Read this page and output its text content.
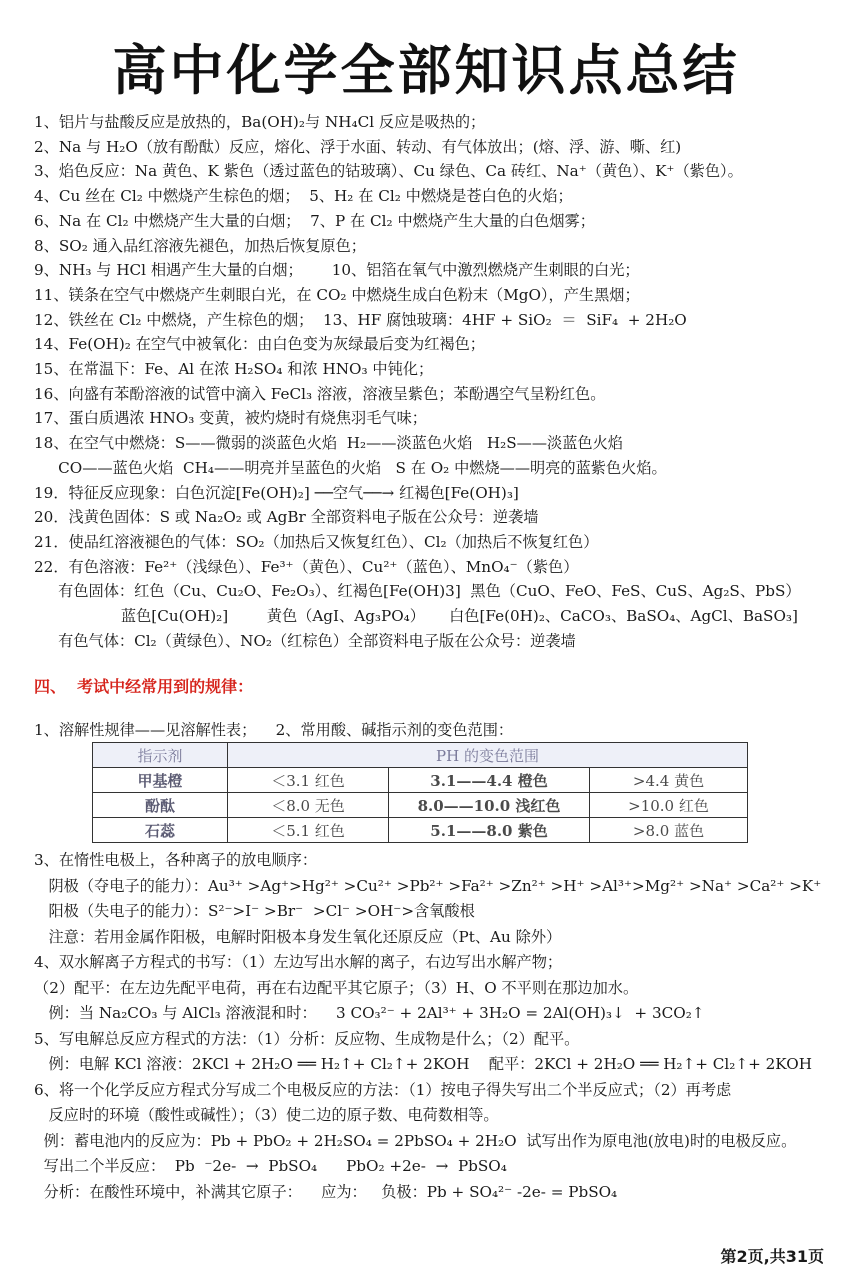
高中化学全部知识点总结
1、铝片与盐酸反应是放热的，Ba(OH)₂与 NH₄Cl 反应是吸热的；
2、Na 与 H₂O（放有酚酞）反应，熔化、浮于水面、转动、有气体放出；(熔、浮、游、嘶、红)
3、焰色反应：Na 黄色、K 紫色（透过蓝色的钴玻璃）、Cu 绿色、Ca 砖红、Na⁺（黄色）、K⁺（紫色）。
4、Cu 丝在 Cl₂ 中燃烧产生棕色的烟；  5、H₂ 在 Cl₂ 中燃烧是苍白色的火焰；
6、Na 在 Cl₂ 中燃烧产生大量的白烟；  7、P 在 Cl₂ 中燃烧产生大量的白色烟雾；
8、SO₂ 通入品红溶液先褪色，加热后恢复原色；
9、NH₃ 与 HCl 相遇产生大量的白烟；      10、铝箔在氧气中激烈燃烧产生刺眼的白光；
11、镁条在空气中燃烧产生刺眼白光，在 CO₂ 中燃烧生成白色粉末（MgO），产生黑烟；
12、铁丝在 Cl₂ 中燃烧，产生棕色的烟；  13、HF 腐蚀玻璃：4HF + SiO₂  ＝  SiF₄  + 2H₂O
14、Fe(OH)₂ 在空气中被氧化：由白色变为灰绿最后变为红褐色；
15、在常温下：Fe、Al 在浓 H₂SO₄ 和浓 HNO₃ 中钝化；
16、向盛有苯酚溶液的试管中滴入 FeCl₃ 溶液，溶液呈紫色；苯酚遇空气呈粉红色。
17、蛋白质遇浓 HNO₃ 变黄，被灼烧时有烧焦羽毛气味；
18、在空气中燃烧：S——微弱的淡蓝色火焰  H₂——淡蓝色火焰   H₂S——淡蓝色火焰
CO——蓝色火焰  CH₄——明亮并呈蓝色的火焰   S 在 O₂ 中燃烧——明亮的蓝紫色火焰。
19．特征反应现象：白色沉淀[Fe(OH)₂] ──空气──→ 红褐色[Fe(OH)₃]
20．浅黄色固体：S 或 Na₂O₂ 或 AgBr 全部资料电子版在公众号：逆袭墙
21．使品红溶液褪色的气体：SO₂（加热后又恢复红色）、Cl₂（加热后不恢复红色）
22．有色溶液：Fe²⁺（浅绿色）、Fe³⁺（黄色）、Cu²⁺（蓝色）、MnO₄⁻（紫色）
有色固体：红色（Cu、Cu₂O、Fe₂O₃）、红褐色[Fe(OH)3]  黑色（CuO、FeO、FeS、CuS、Ag₂S、PbS）
蓝色[Cu(OH)₂]        黄色（AgI、Ag₃PO₄）     白色[Fe(0H)₂、CaCO₃、BaSO₄、AgCl、BaSO₃]
有色气体：Cl₂（黄绿色）、NO₂（红棕色）全部资料电子版在公众号：逆袭墙
四、  考试中经常用到的规律：
1、溶解性规律——见溶解性表；    2、常用酸、碱指示剂的变色范围：
指示剂	PH 的变色范围		
甲基橙	＜3.1 红色	3.1——4.4 橙色	>4.4 黄色
酚酞	＜8.0 无色	8.0——10.0 浅红色	>10.0 红色
石蕊	＜5.1 红色	5.1——8.0 紫色	>8.0 蓝色
3、在惰性电极上，各种离子的放电顺序：
阴极（夺电子的能力）：Au³⁺ >Ag⁺>Hg²⁺ >Cu²⁺ >Pb²⁺ >Fa²⁺ >Zn²⁺ >H⁺ >Al³⁺>Mg²⁺ >Na⁺ >Ca²⁺ >K⁺
阳极（失电子的能力）：S²⁻>I⁻ >Br⁻  >Cl⁻ >OH⁻>含氧酸根
注意：若用金属作阳极，电解时阳极本身发生氧化还原反应（Pt、Au 除外）
4、双水解离子方程式的书写：（1）左边写出水解的离子，右边写出水解产物；
（2）配平：在左边先配平电荷，再在右边配平其它原子；（3）H、O 不平则在那边加水。
例：当 Na₂CO₃ 与 AlCl₃ 溶液混和时：    3 CO₃²⁻ + 2Al³⁺ + 3H₂O = 2Al(OH)₃↓  + 3CO₂↑
5、写电解总反应方程式的方法：（1）分析：反应物、生成物是什么；（2）配平。
例：电解 KCl 溶液：2KCl + 2H₂O ══ H₂↑+ Cl₂↑+ 2KOH    配平：2KCl + 2H₂O ══ H₂↑+ Cl₂↑+ 2KOH
6、将一个化学反应方程式分写成二个电极反应的方法：（1）按电子得失写出二个半反应式；（2）再考虑
反应时的环境（酸性或碱性）；（3）使二边的原子数、电荷数相等。
例：蓄电池内的反应为：Pb + PbO₂ + 2H₂SO₄ = 2PbSO₄ + 2H₂O  试写出作为原电池(放电)时的电极反应。
写出二个半反应：  Pb  ⁻2e-  →  PbSO₄      PbO₂ +2e-  →  PbSO₄
分析：在酸性环境中，补满其它原子：    应为：   负极：Pb + SO₄²⁻ -2e- = PbSO₄
第2页,共31页
